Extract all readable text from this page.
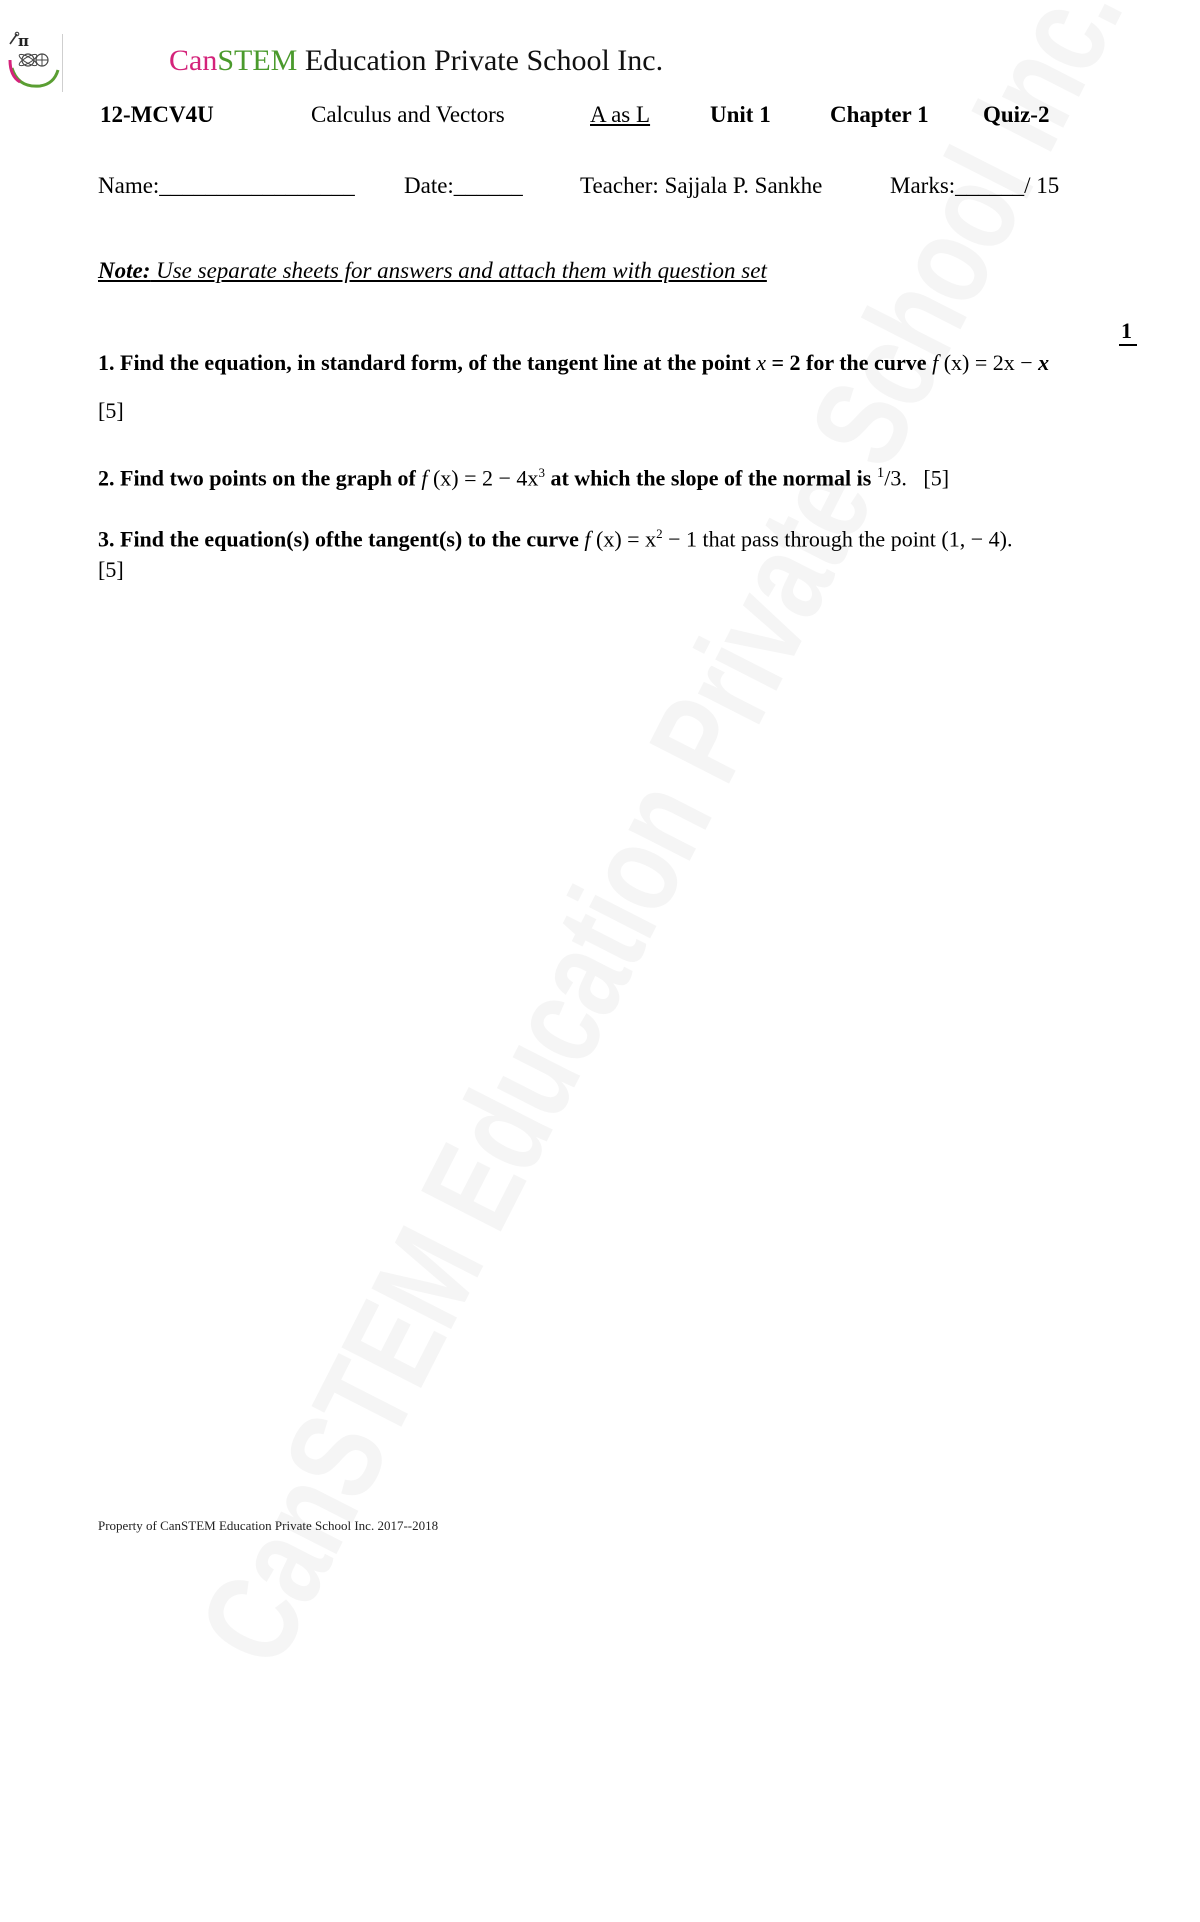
π
CanSTEM Education Private School Inc.
12-MCV4U	Calculus and Vectors	A as L	Unit 1	Chapter 1 Quiz-2
Name:_________________ Date:______ Teacher: Sajjala P. Sankhe	Marks:______/ 15
Note: Use separate sheets for answers and attach them with question set
1
1. Find the equation, in standard form, of the tangent line at the point x = 2 for the curve f (x) = 2x − x
[5]
2. Find two points on the graph of f $(x) = 2 - 4x^3$ at which the slope of the normal is $^1$/3. [5]
3. Find the equation(s) ofthe tangent(s) to the curve f $(x) = x^2 - 1$ that pass through the point (1, − 4).
[5]
Property of CanSTEM Education Private School Inc. 2017--2018
